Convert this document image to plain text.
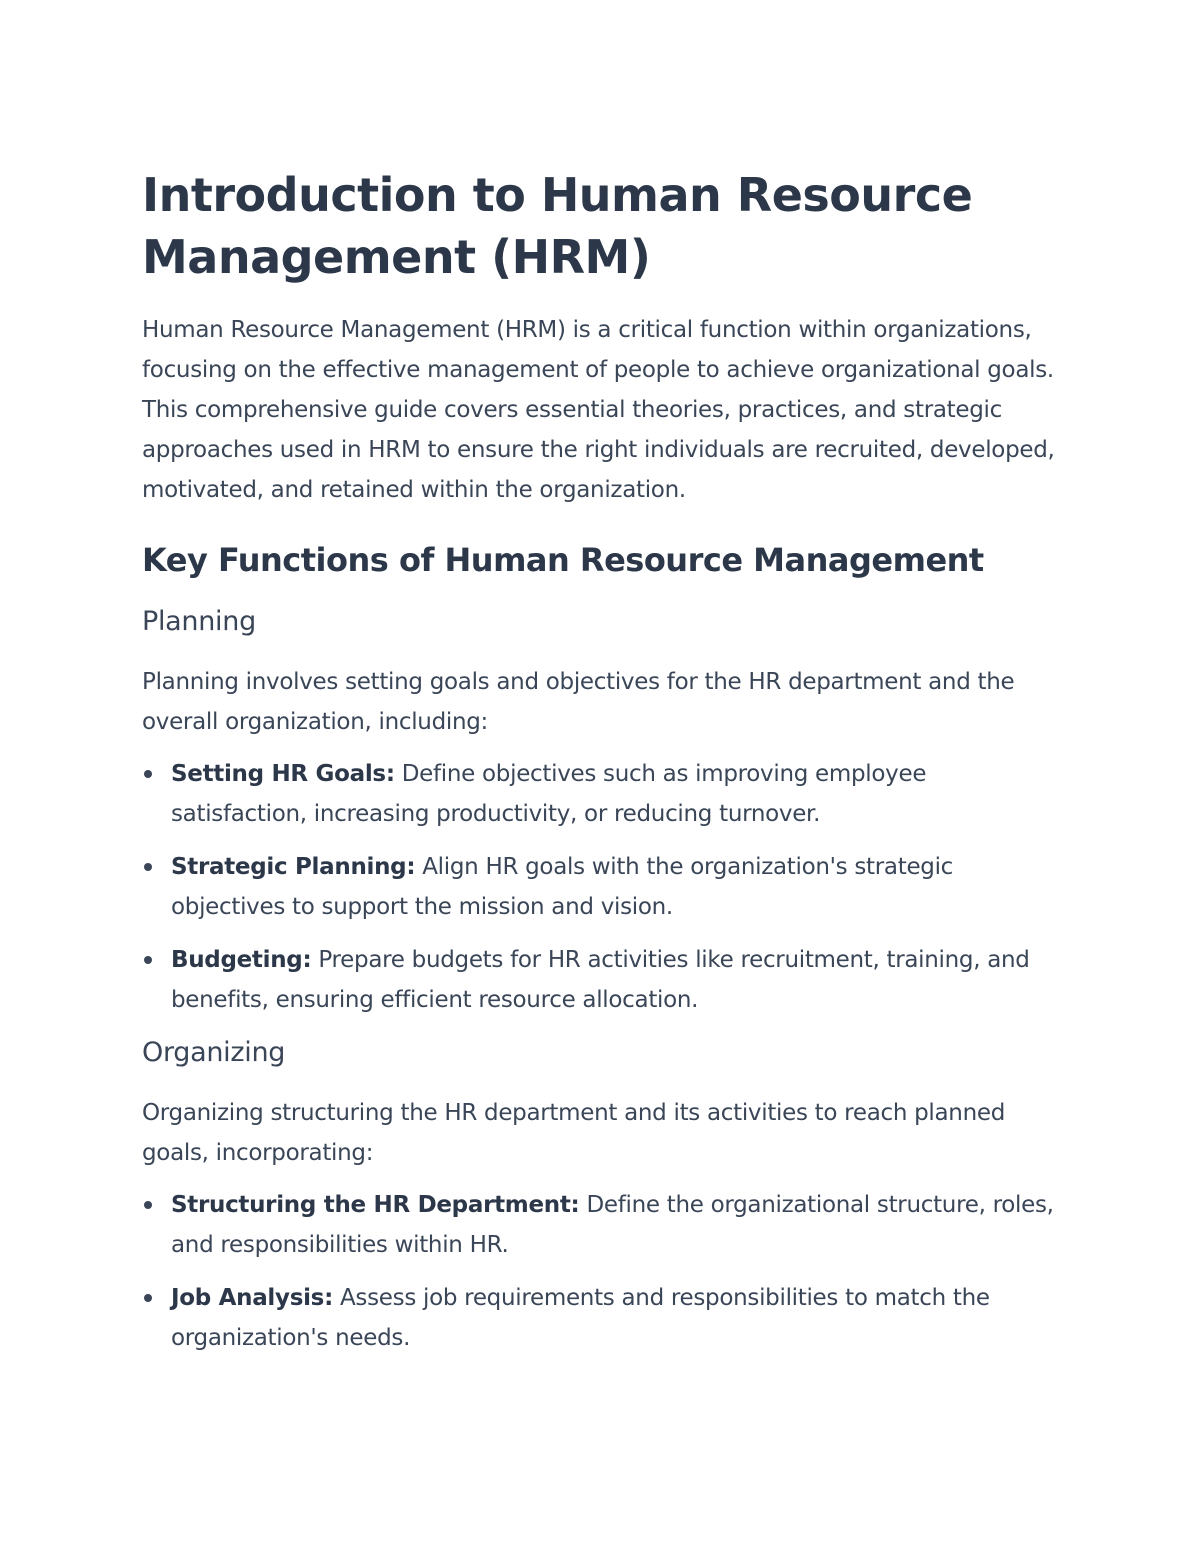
Introduction to Human Resource Management (HRM)

Human Resource Management (HRM) is a critical function within organizations, focusing on the effective management of people to achieve organizational goals. This comprehensive guide covers essential theories, practices, and strategic approaches used in HRM to ensure the right individuals are recruited, developed, motivated, and retained within the organization.

Key Functions of Human Resource Management
Planning

Planning involves setting goals and objectives for the HR department and the overall organization, including:

Setting HR Goals: Define objectives such as improving employee satisfaction, increasing productivity, or reducing turnover.
Strategic Planning: Align HR goals with the organization's strategic objectives to support the mission and vision.
Budgeting: Prepare budgets for HR activities like recruitment, training, and benefits, ensuring efficient resource allocation.
Organizing

Organizing structuring the HR department and its activities to reach planned goals, incorporating:

Structuring the HR Department: Define the organizational structure, roles, and responsibilities within HR.
Job Analysis: Assess job requirements and responsibilities to match the organization's needs.
